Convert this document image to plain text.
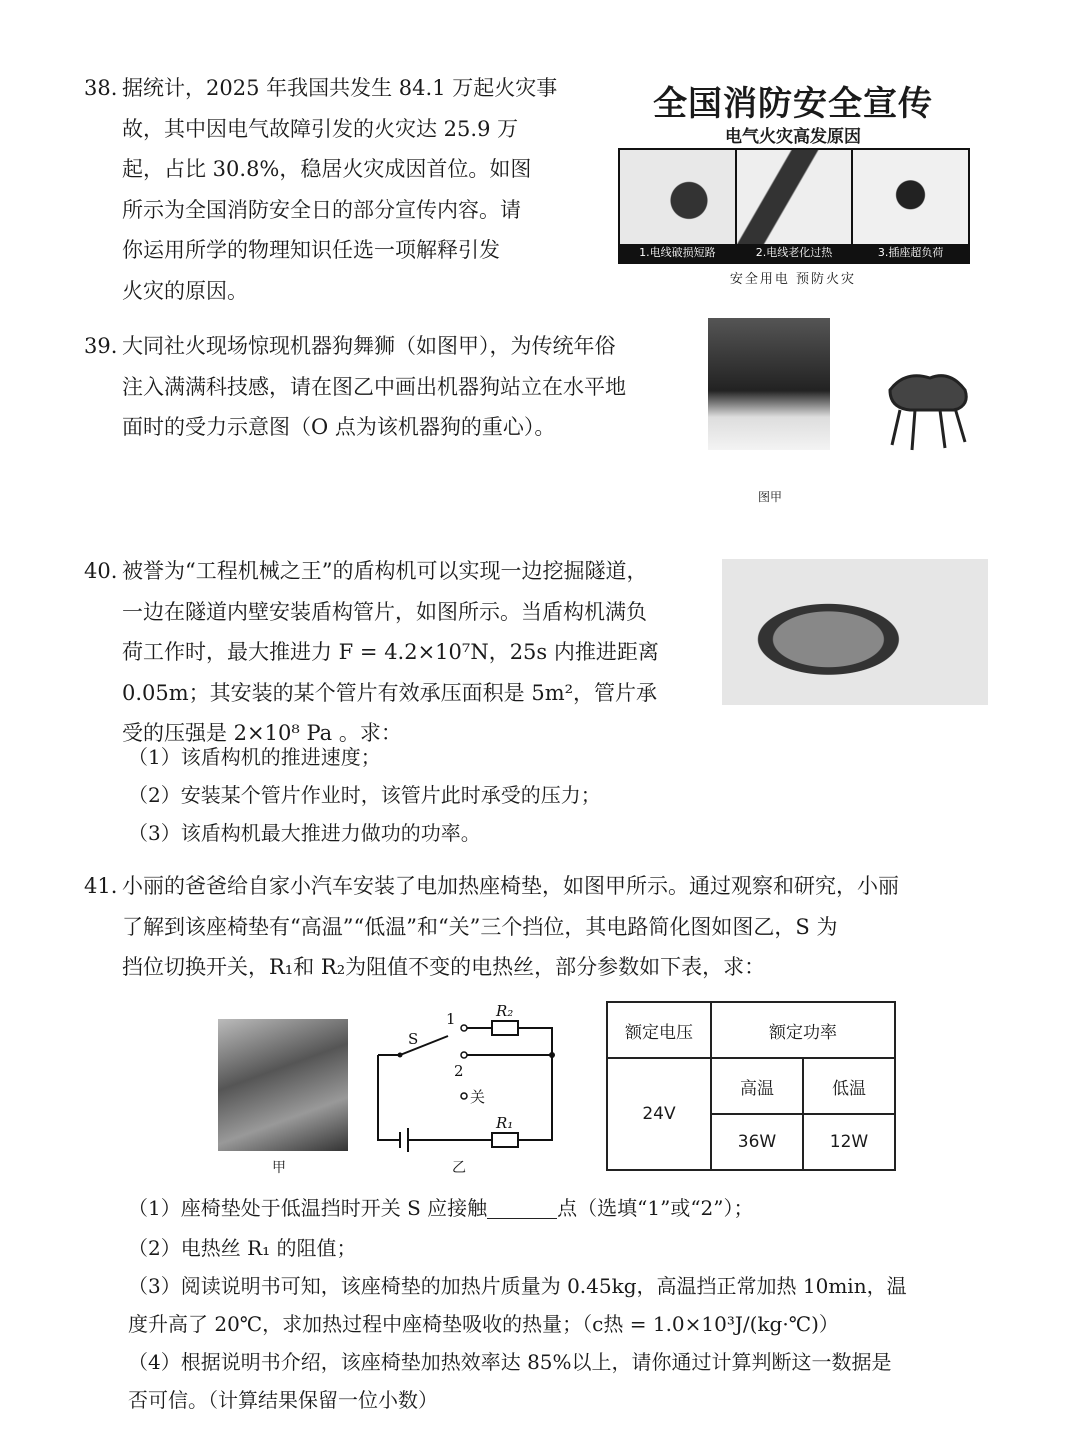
38. 据统计，2025 年我国共发生 84.1 万起火灾事
故，其中因电气故障引发的火灾达 25.9 万
起，占比 30.8%，稳居火灾成因首位。如图
所示为全国消防安全日的部分宣传内容。请
你运用所学的物理知识任选一项解释引发
火灾的原因。
全国消防安全宣传
电气火灾高发原因
1.电线破损短路	2.电线老化过热	3.插座超负荷
安全用电 预防火灾
39. 大同社火现场惊现机器狗舞狮（如图甲），为传统年俗
注入满满科技感，请在图乙中画出机器狗站立在水平地
面时的受力示意图（O 点为该机器狗的重心）。
图甲
40. 被誉为“工程机械之王”的盾构机可以实现一边挖掘隧道，
一边在隧道内壁安装盾构管片，如图所示。当盾构机满负
荷工作时，最大推进力 F = 4.2×10⁷N，25s 内推进距离
0.05m；其安装的某个管片有效承压面积是 5m²，管片承
受的压强是 2×10⁸ Pa 。求：
（1）该盾构机的推进速度；
（2）安装某个管片作业时，该管片此时承受的压力；
（3）该盾构机最大推进力做功的功率。
41. 小丽的爸爸给自家小汽车安装了电加热座椅垫，如图甲所示。通过观察和研究，小丽
了解到该座椅垫有“高温”“低温”和“关”三个挡位，其电路简化图如图乙，S 为
挡位切换开关，R₁和 R₂为阻值不变的电热丝，部分参数如下表，求：
甲
S
1
2
关
R₂
R₁
乙
额定电压	额定功率	
24V	高温	低温
	36W	12W
（1）座椅垫处于低温挡时开关 S 应接触	点（选填“1”或“2”）；
（2）电热丝 R₁ 的阻值；
（3）阅读说明书可知，该座椅垫的加热片质量为 0.45kg，高温挡正常加热 10min，温
度升高了 20℃，求加热过程中座椅垫吸收的热量；（c热 = 1.0×10³J/(kg·℃)）
（4）根据说明书介绍，该座椅垫加热效率达 85%以上，请你通过计算判断这一数据是
否可信。（计算结果保留一位小数）
